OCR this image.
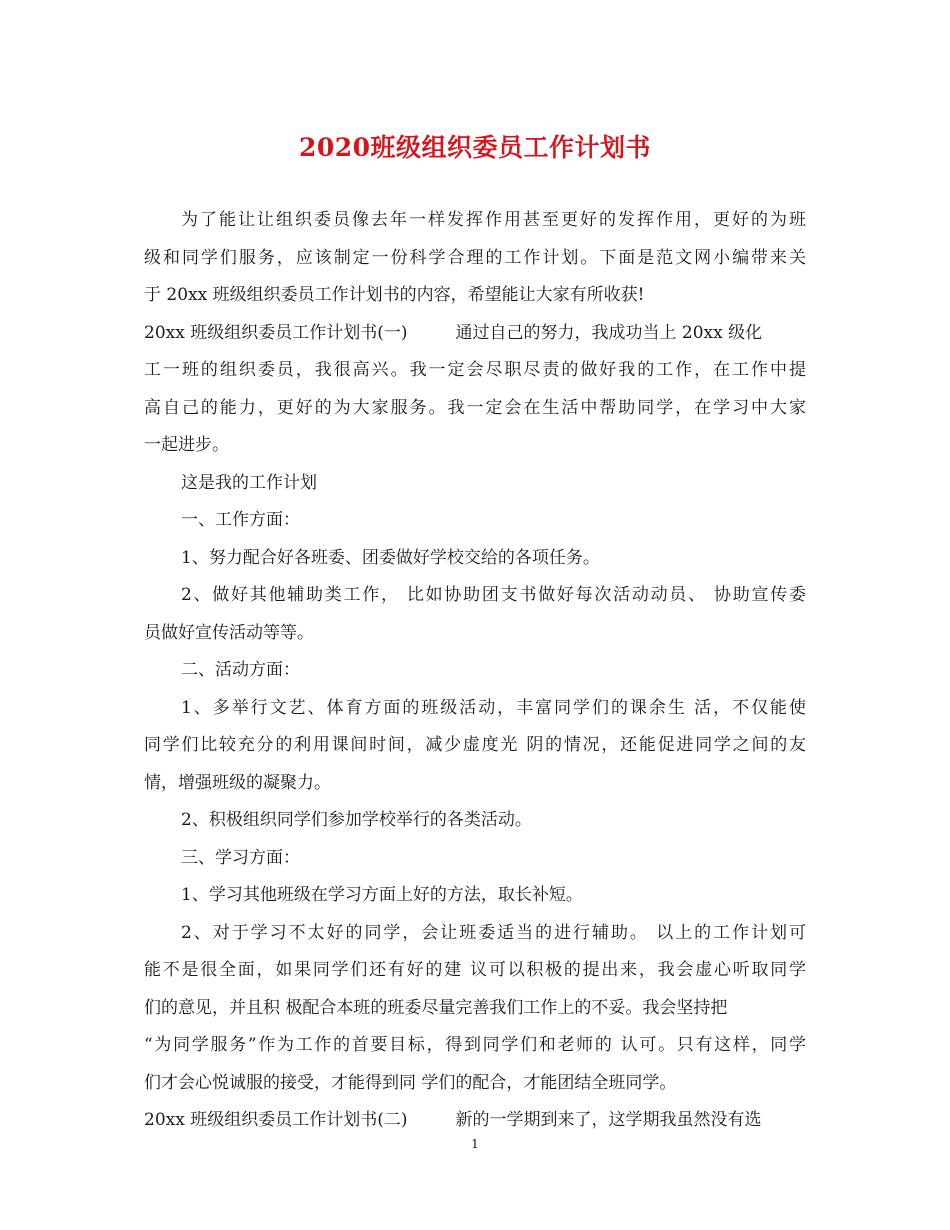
2020班级组织委员工作计划书
为了能让让组织委员像去年一样发挥作用甚至更好的发挥作用，更好的为班
级和同学们服务，应该制定一份科学合理的工作计划。下面是范文网小编带来关
于 20xx 班级组织委员工作计划书的内容，希望能让大家有所收获!
20xx 班级组织委员工作计划书(一)	通过自己的努力，我成功当上 20xx 级化
工一班的组织委员，我很高兴。我一定会尽职尽责的做好我的工作，在工作中提
高自己的能力，更好的为大家服务。我一定会在生活中帮助同学，在学习中大家
一起进步。
这是我的工作计划
一、工作方面：
1、努力配合好各班委、团委做好学校交给的各项任务。
2、做好其他辅助类工作， 比如协助团支书做好每次活动动员、 协助宣传委
员做好宣传活动等等。
二、活动方面：
1、多举行文艺、体育方面的班级活动，丰富同学们的课余生 活，不仅能使
同学们比较充分的利用课间时间，减少虚度光 阴的情况，还能促进同学之间的友
情，增强班级的凝聚力。
2、积极组织同学们参加学校举行的各类活动。
三、学习方面：
1、学习其他班级在学习方面上好的方法，取长补短。
2、对于学习不太好的同学，会让班委适当的进行辅助。 以上的工作计划可
能不是很全面，如果同学们还有好的建 议可以积极的提出来，我会虚心听取同学
们的意见，并且积 极配合本班的班委尽量完善我们工作上的不妥。我会坚持把
“为同学服务”作为工作的首要目标，得到同学们和老师的 认可。只有这样，同学
们才会心悦诚服的接受，才能得到同 学们的配合，才能团结全班同学。
20xx 班级组织委员工作计划书(二)	新的一学期到来了，这学期我虽然没有选
1
